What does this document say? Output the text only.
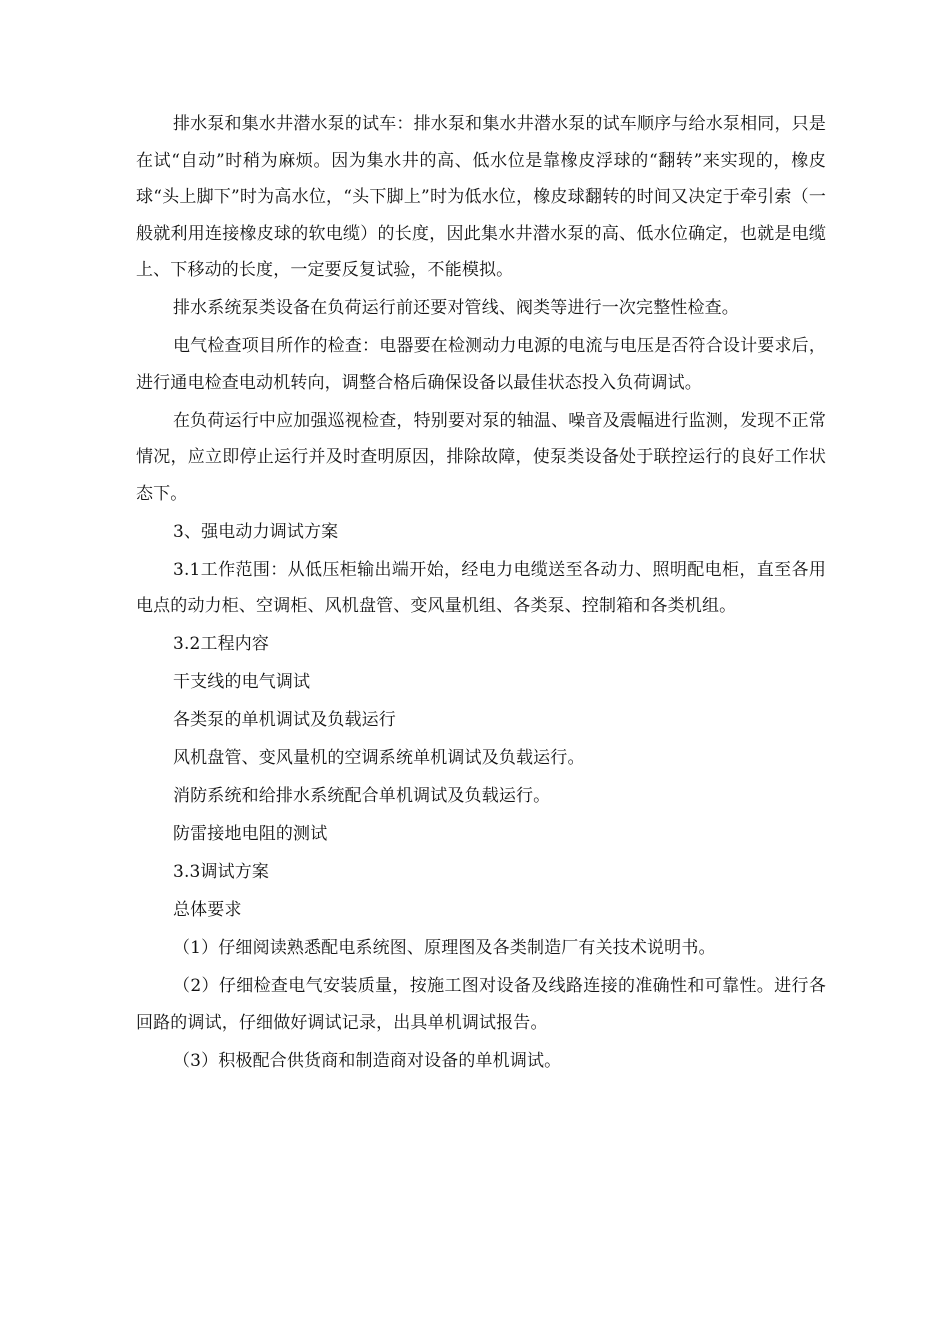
排水泵和集水井潜水泵的试车：排水泵和集水井潜水泵的试车顺序与给水泵相同，只是在试“自动”时稍为麻烦。因为集水井的高、低水位是靠橡皮浮球的“翻转”来实现的，橡皮球“头上脚下”时为高水位，“头下脚上”时为低水位，橡皮球翻转的时间又决定于牵引索（一般就利用连接橡皮球的软电缆）的长度，因此集水井潜水泵的高、低水位确定，也就是电缆上、下移动的长度，一定要反复试验，不能模拟。

排水系统泵类设备在负荷运行前还要对管线、阀类等进行一次完整性检查。

电气检查项目所作的检查：电器要在检测动力电源的电流与电压是否符合设计要求后，进行通电检查电动机转向，调整合格后确保设备以最佳状态投入负荷调试。

在负荷运行中应加强巡视检查，特别要对泵的轴温、噪音及震幅进行监测，发现不正常情况，应立即停止运行并及时查明原因，排除故障，使泵类设备处于联控运行的良好工作状态下。

3、强电动力调试方案

3.1工作范围：从低压柜输出端开始，经电力电缆送至各动力、照明配电柜，直至各用电点的动力柜、空调柜、风机盘管、变风量机组、各类泵、控制箱和各类机组。

3.2工程内容

干支线的电气调试

各类泵的单机调试及负载运行

风机盘管、变风量机的空调系统单机调试及负载运行。

消防系统和给排水系统配合单机调试及负载运行。

防雷接地电阻的测试

3.3调试方案

总体要求

（1）仔细阅读熟悉配电系统图、原理图及各类制造厂有关技术说明书。

（2）仔细检查电气安装质量，按施工图对设备及线路连接的准确性和可靠性。进行各回路的调试，仔细做好调试记录，出具单机调试报告。

（3）积极配合供货商和制造商对设备的单机调试。
